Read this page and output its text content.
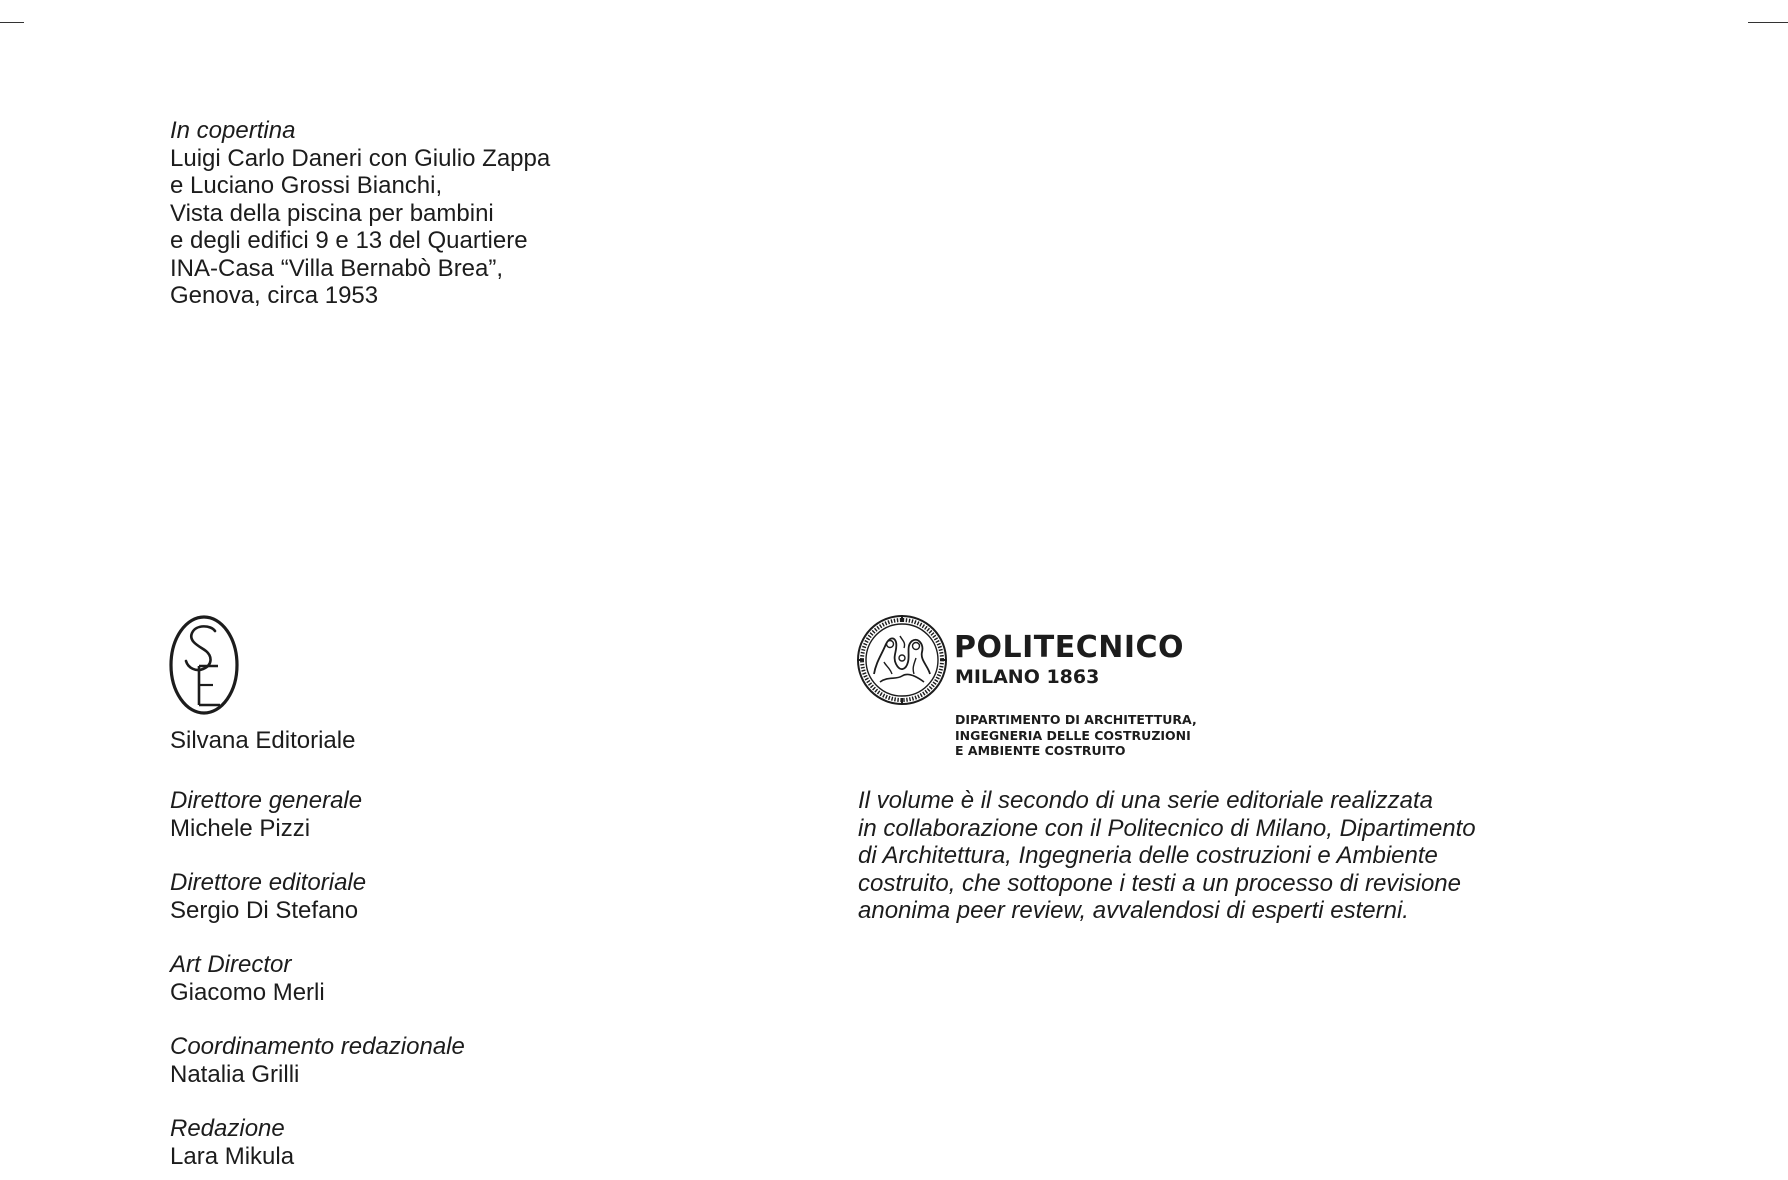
In copertina
Luigi Carlo Daneri con Giulio Zappa
e Luciano Grossi Bianchi,
Vista della piscina per bambini
e degli edifici 9 e 13 del Quartiere
INA-Casa “Villa Bernabò Brea”,
Genova, circa 1953
Silvana Editoriale
Direttore generale
Michele Pizzi
Direttore editoriale
Sergio Di Stefano
Art Director
Giacomo Merli
Coordinamento redazionale
Natalia Grilli
Redazione
Lara Mikula
POLITECNICO
MILANO 1863
DIPARTIMENTO DI ARCHITETTURA,
INGEGNERIA DELLE COSTRUZIONI
E AMBIENTE COSTRUITO
Il volume è il secondo di una serie editoriale realizzata
in collaborazione con il Politecnico di Milano, Dipartimento
di Architettura, Ingegneria delle costruzioni e Ambiente
costruito, che sottopone i testi a un processo di revisione
anonima peer review, avvalendosi di esperti esterni.
